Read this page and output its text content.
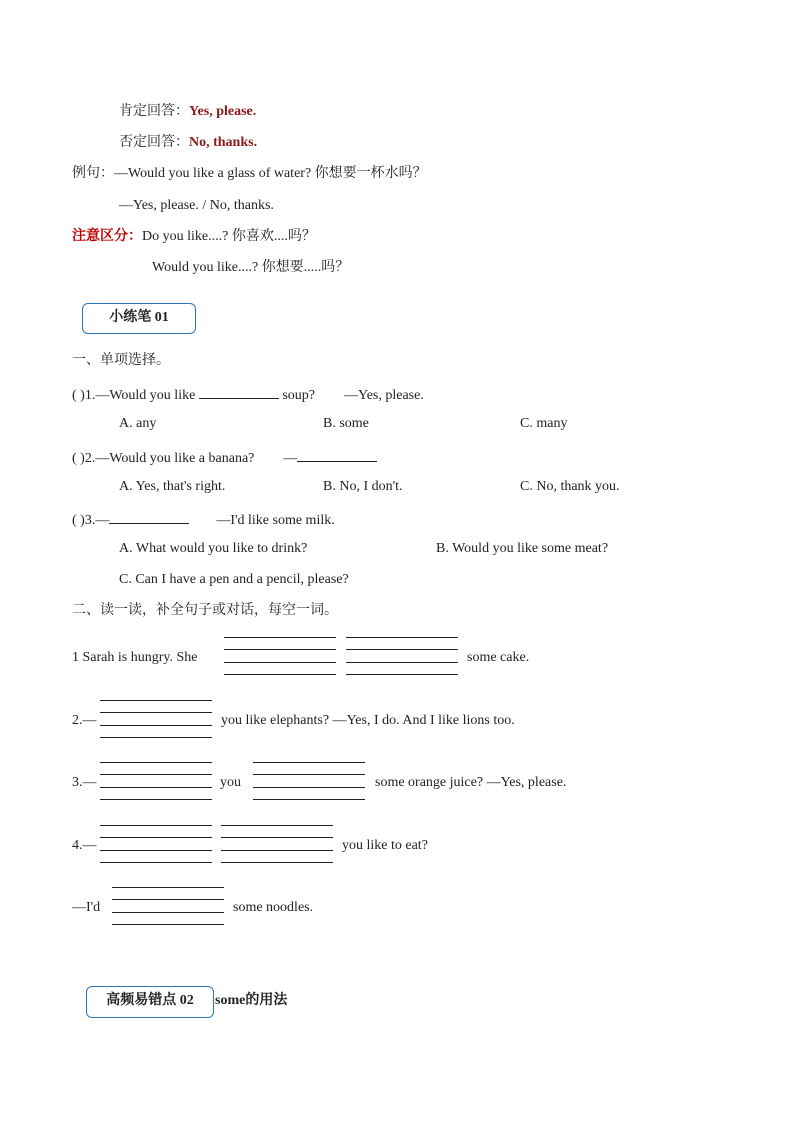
肯定回答：Yes, please.
否定回答：No, thanks.
例句：—Would you like a glass of water? 你想要一杯水吗？
—Yes, please. / No, thanks.
注意区分：Do you like....? 你喜欢....吗？
Would you like....? 你想要.....吗？
小练笔 01
一、单项选择。
( )1.—Would you like	soup? —Yes, please.
A. any	B. some	C. many
( )2.—Would you like a banana? —
A. Yes, that's right.	B. No, I don't.	C. No, thank you.
( )3.—	—I'd like some milk.
A. What would you like to drink?	B. Would you like some meat?
C. Can I have a pen and a pencil, please?
二、读一读，补全句子或对话，每空一词。
1 Sarah is hungry. She	some cake.
2.—	you like elephants? —Yes, I do. And I like lions too.
3.—	you	some orange juice? —Yes, please.
4.—	you like to eat?
—I'd	some noodles.
高频易错点 02	some的用法
